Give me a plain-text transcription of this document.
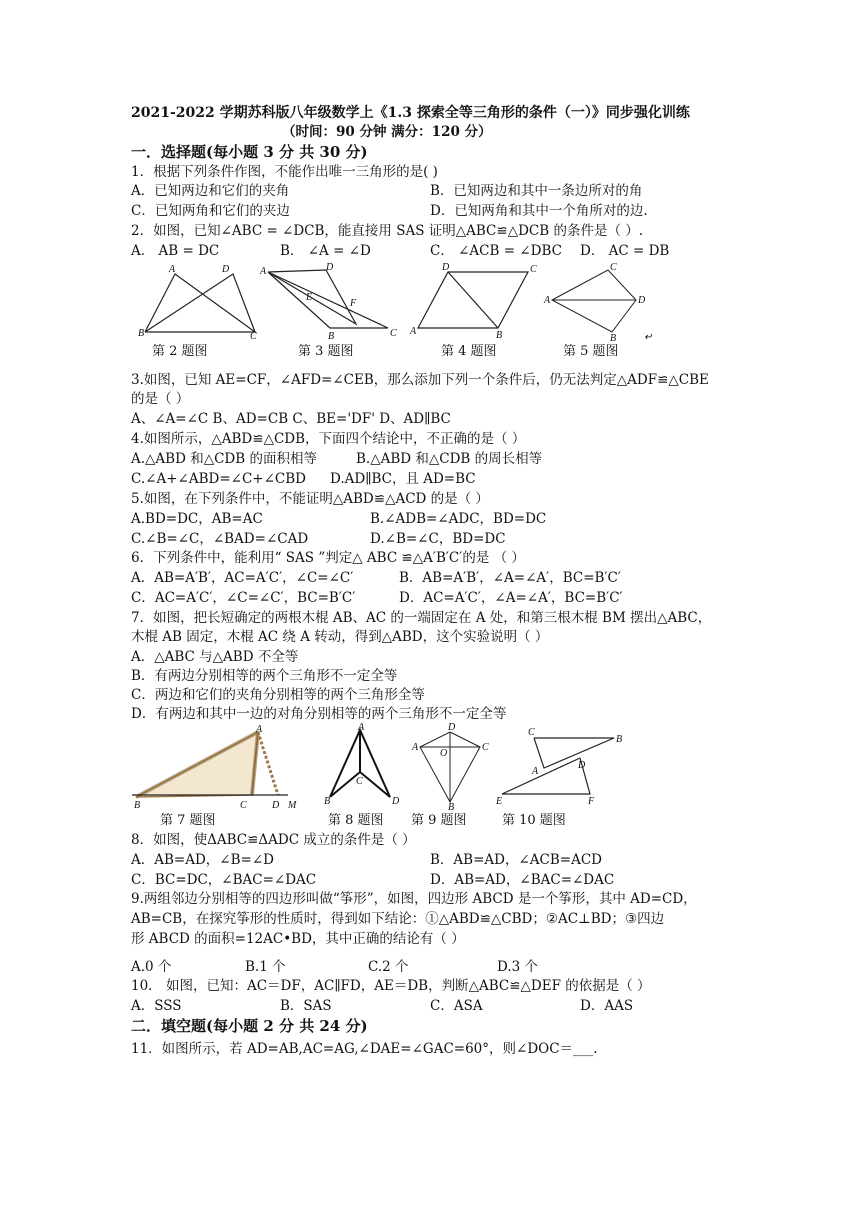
2021-2022 学期苏科版八年级数学上《1.3 探索全等三角形的条件（一）》同步强化训练
（时间：90 分钟 满分：120 分）
一．选择题(每小题 3 分 共 30 分)
1．根据下列条件作图，不能作出唯一三角形的是( )
A．已知两边和它们的夹角	B．已知两边和其中一条边所对的角
C．已知两角和它们的夹边	D．已知两角和其中一个角所对的边.
2．如图，已知∠ABC = ∠DCB，能直接用 SAS 证明△ABC≌△DCB 的条件是（ ）.
A． AB = DC	B． ∠A = ∠D	C． ∠ACB = ∠DBC D． AC = DB
A	D
B	C
A	D
E
F
B	C
D	C
A	B
C
A	D
B	↵
第 2 题图	第 3 题图	第 4 题图	第 5 题图
3.如图，已知 AE=CF，∠AFD=∠CEB，那么添加下列一个条件后，仍无法判定△ADF≌△CBE
的是（ ）
A、∠A=∠C B、AD=CB C、BE='DF' D、AD∥BC
4.如图所示，△ABD≌△CDB，下面四个结论中，不正确的是（ ）
A.△ABD 和△CDB 的面积相等	B.△ABD 和△CDB 的周长相等
C.∠A+∠ABD=∠C+∠CBD D.AD∥BC，且 AD=BC
5.如图，在下列条件中，不能证明△ABD≌△ACD 的是（ ）
A.BD=DC，AB=AC	B.∠ADB=∠ADC，BD=DC
C.∠B=∠C，∠BAD=∠CAD	D.∠B=∠C，BD=DC
6．下列条件中，能利用“ SAS ”判定△ ABC ≌△A′B′C′的是 （ ）
A．AB=A′B′，AC=A′C′，∠C=∠C′	B．AB=A′B′，∠A=∠A′，BC=B′C′
C．AC=A′C′，∠C=∠C′，BC=B′C′	D．AC=A′C′，∠A=∠A′，BC=B′C′
7．如图，把长短确定的两根木棍 AB、AC 的一端固定在 A 处，和第三根木棍 BM 摆出△ABC，
木棍 AB 固定，木棍 AC 绕 A 转动，得到△ABD，这个实验说明（ ）
A．△ABC 与△ABD 不全等
B．有两边分别相等的两个三角形不一定全等
C．两边和它们的夹角分别相等的两个三角形全等
D．有两边和其中一边的对角分别相等的两个三角形不一定全等
A
B	C	D M
A
B
C
D
D
A
O
C
B
C
B
A
D
E	F
第 7 题图	第 8 题图 第 9 题图	第 10 题图
8．如图，使ΔABC≌ΔADC 成立的条件是（ ）
A．AB=AD，∠B=∠D	B．AB=AD，∠ACB=ACD
C．BC=DC，∠BAC=∠DAC	D．AB=AD，∠BAC=∠DAC
9.两组邻边分别相等的四边形叫做“筝形”，如图，四边形 ABCD 是一个筝形，其中 AD=CD，
AB=CB，在探究筝形的性质时，得到如下结论：①△ABD≌△CBD；②AC⊥BD；③四边
形 ABCD 的面积=12AC•BD，其中正确的结论有（ ）
A.0 个	B.1 个	C.2 个	D.3 个
10． 如图，已知：AC＝DF，AC∥FD，AE＝DB，判断△ABC≌△DEF 的依据是（ ）
A．SSS	B．SAS	C．ASA	D．AAS
二．填空题(每小题 2 分 共 24 分)
11．如图所示，若 AD=AB,AC=AG,∠DAE=∠GAC=60°，则∠DOC＝___.
